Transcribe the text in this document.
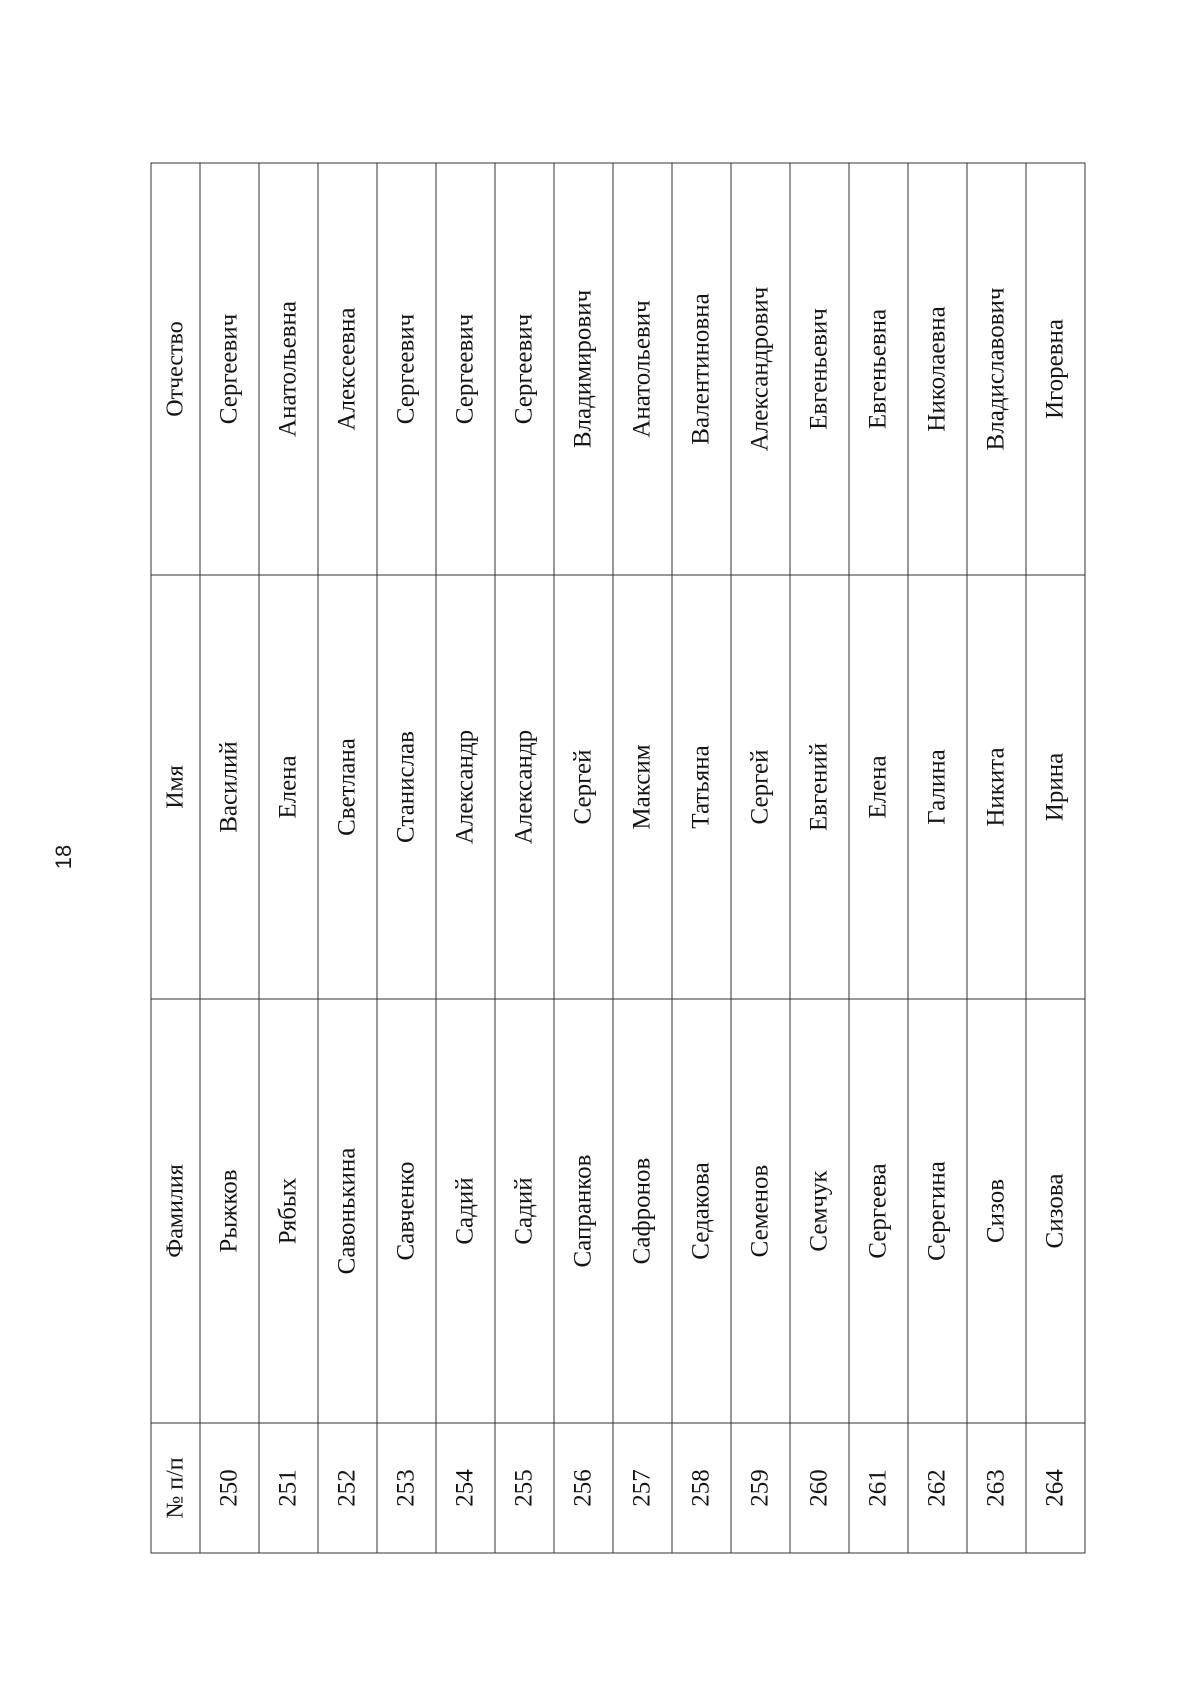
18
№ п/п	Фамилия	Имя	Отчество
250	Рыжков	Василий	Сергеевич
251	Рябых	Елена	Анатольевна
252	Савонькина	Светлана	Алексеевна
253	Савченко	Станислав	Сергеевич
254	Садий	Александр	Сергеевич
255	Садий	Александр	Сергеевич
256	Сапранков	Сергей	Владимирович
257	Сафронов	Максим	Анатольевич
258	Седакова	Татьяна	Валентиновна
259	Семенов	Сергей	Александрович
260	Семчук	Евгений	Евгеньевич
261	Сергеева	Елена	Евгеньевна
262	Серегина	Галина	Николаевна
263	Сизов	Никита	Владиславович
264	Сизова	Ирина	Игоревна
